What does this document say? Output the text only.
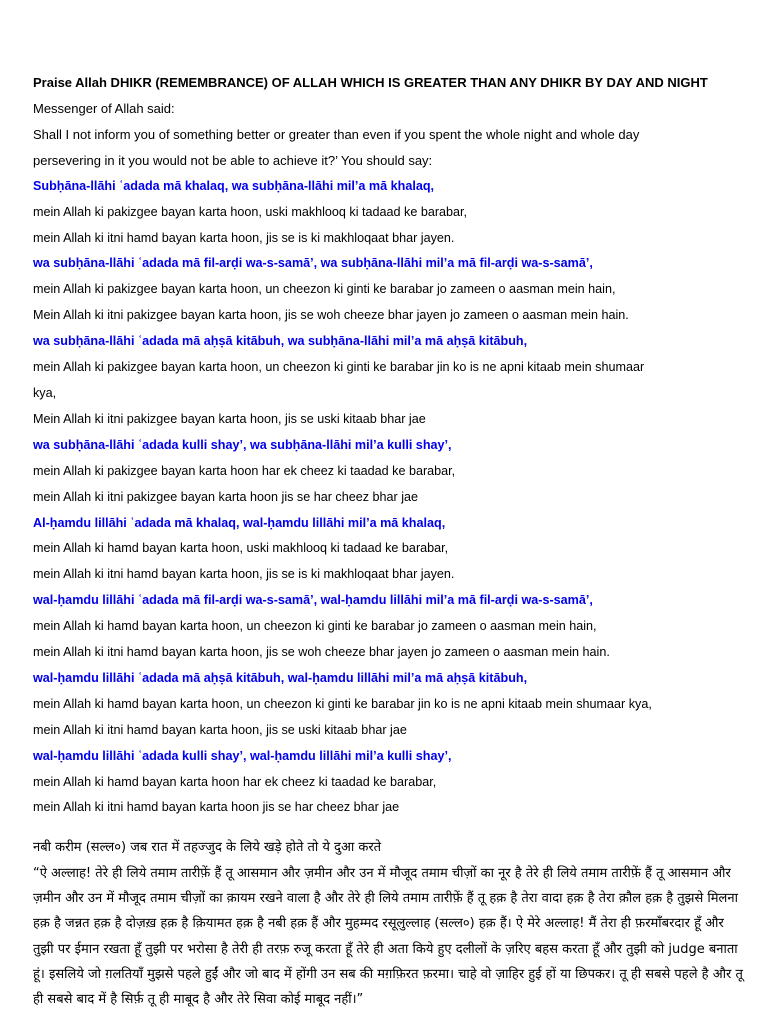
Praise Allah DHIKR (REMEMBRANCE) OF ALLAH WHICH IS GREATER THAN ANY DHIKR BY DAY AND NIGHT

Messenger of Allah said:

Shall I not inform you of something better or greater than even if you spent the whole night and whole day

persevering in it you would not be able to achieve it?’ You should say:

Subḥāna-llāhi ʿadada mā khalaq, wa subḥāna-llāhi mil’a mā khalaq,

mein Allah ki pakizgee bayan karta hoon, uski makhlooq ki tadaad ke barabar,

mein Allah ki itni hamd bayan karta hoon, jis se is ki makhloqaat bhar jayen.

wa subḥāna-llāhi ʿadada mā fil-arḍi wa-s-samā’, wa subḥāna-llāhi mil’a mā fil-arḍi wa-s-samā’,

mein Allah ki pakizgee bayan karta hoon, un cheezon ki ginti ke barabar jo zameen o aasman mein hain,

Mein Allah ki itni pakizgee bayan karta hoon, jis se woh cheeze bhar jayen jo zameen o aasman mein hain.

wa subḥāna-llāhi ʿadada mā aḥṣā kitābuh, wa subḥāna-llāhi mil’a mā aḥṣā kitābuh,

mein Allah ki pakizgee bayan karta hoon, un cheezon ki ginti ke barabar jin ko is ne apni kitaab mein shumaar

kya,

Mein Allah ki itni pakizgee bayan karta hoon, jis se uski kitaab bhar jae

wa subḥāna-llāhi ʿadada kulli shay’, wa subḥāna-llāhi mil’a kulli shay’,

mein Allah ki pakizgee bayan karta hoon har ek cheez ki taadad ke barabar,

mein Allah ki itni pakizgee bayan karta hoon jis se har cheez bhar jae

Al-ḥamdu lillāhi ʿadada mā khalaq, wal-ḥamdu lillāhi mil’a mā khalaq,

mein Allah ki hamd bayan karta hoon, uski makhlooq ki tadaad ke barabar,

mein Allah ki itni hamd bayan karta hoon, jis se is ki makhloqaat bhar jayen.

wal-ḥamdu lillāhi ʿadada mā fil-arḍi wa-s-samā’, wal-ḥamdu lillāhi mil’a mā fil-arḍi wa-s-samā’,

mein Allah ki hamd bayan karta hoon, un cheezon ki ginti ke barabar jo zameen o aasman mein hain,

mein Allah ki itni hamd bayan karta hoon, jis se woh cheeze bhar jayen jo zameen o aasman mein hain.

wal-ḥamdu lillāhi ʿadada mā aḥṣā kitābuh, wal-ḥamdu lillāhi mil’a mā aḥṣā kitābuh,

mein Allah ki hamd bayan karta hoon, un cheezon ki ginti ke barabar jin ko is ne apni kitaab mein shumaar kya,

mein Allah ki itni hamd bayan karta hoon, jis se uski kitaab bhar jae

wal-ḥamdu lillāhi ʿadada kulli shay’, wal-ḥamdu lillāhi mil’a kulli shay’,

mein Allah ki hamd bayan karta hoon har ek cheez ki taadad ke barabar,

mein Allah ki itni hamd bayan karta hoon jis se har cheez bhar jae

नबी करीम (सल्ल०) जब रात में तहज्जुद के लिये खड़े होते तो ये दुआ करते

“ऐ अल्लाह! तेरे ही लिये तमाम तारीफ़ें हैं तू आसमान और ज़मीन और उन में मौजूद तमाम चीज़ों का नूर है तेरे ही लिये तमाम तारीफ़ें हैं तू आसमान और ज़मीन और उन में मौजूद तमाम चीज़ों का क़ायम रखने वाला है और तेरे ही लिये तमाम तारीफ़ें हैं तू हक़ है तेरा वादा हक़ है तेरा क़ौल हक़ है तुझसे मिलना हक़ है जन्नत हक़ है दोज़ख़ हक़ है क़ियामत हक़ है नबी हक़ हैं और मुहम्मद रसूलुल्लाह (सल्ल०) हक़ हैं। ऐ मेरे अल्लाह! मैं तेरा ही फ़रमाँबरदार हूँ और तुझी पर ईमान रखता हूँ तुझी पर भरोसा है तेरी ही तरफ़ रुजू करता हूँ तेरे ही अता किये हुए दलीलों के ज़रिए बहस करता हूँ और तुझी को judge बनाता हूं। इसलिये जो ग़लतियाँ मुझसे पहले हुईं और जो बाद में होंगी उन सब की मग़फ़िरत फ़रमा। चाहे वो ज़ाहिर हुई हों या छिपकर। तू ही सबसे पहले है और तू ही सबसे बाद में है सिर्फ़ तू ही माबूद है और तेरे सिवा कोई माबूद नहीं।”
